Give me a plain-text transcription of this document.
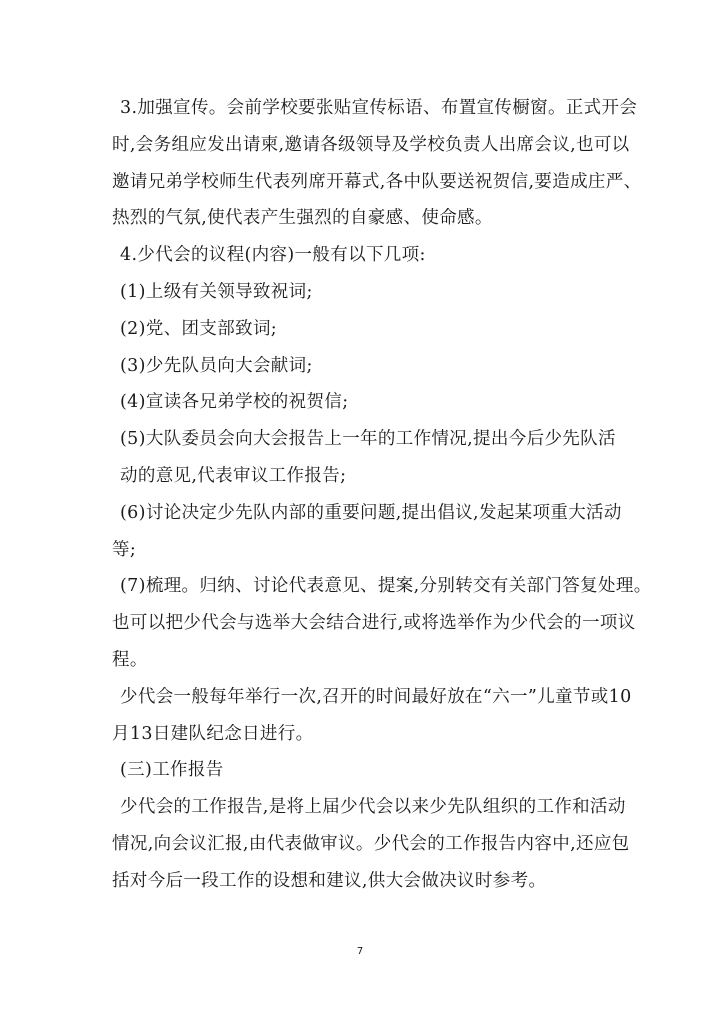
3.加强宣传。会前学校要张贴宣传标语、布置宣传橱窗。正式开会
时,会务组应发出请柬,邀请各级领导及学校负责人出席会议,也可以
邀请兄弟学校师生代表列席开幕式,各中队要送祝贺信,要造成庄严、
热烈的气氛,使代表产生强烈的自豪感、使命感。
4.少代会的议程(内容)一般有以下几项:
(1)上级有关领导致祝词;
(2)党、团支部致词;
(3)少先队员向大会献词;
(4)宣读各兄弟学校的祝贺信;
(5)大队委员会向大会报告上一年的工作情况,提出今后少先队活
动的意见,代表审议工作报告;
(6)讨论决定少先队内部的重要问题,提出倡议,发起某项重大活动
等;
(7)梳理。归纳、讨论代表意见、提案,分别转交有关部门答复处理。
也可以把少代会与选举大会结合进行,或将选举作为少代会的一项议
程。
少代会一般每年举行一次,召开的时间最好放在“六一”儿童节或10
月13日建队纪念日进行。
(三)工作报告
少代会的工作报告,是将上届少代会以来少先队组织的工作和活动
情况,向会议汇报,由代表做审议。少代会的工作报告内容中,还应包
括对今后一段工作的设想和建议,供大会做决议时参考。
7
